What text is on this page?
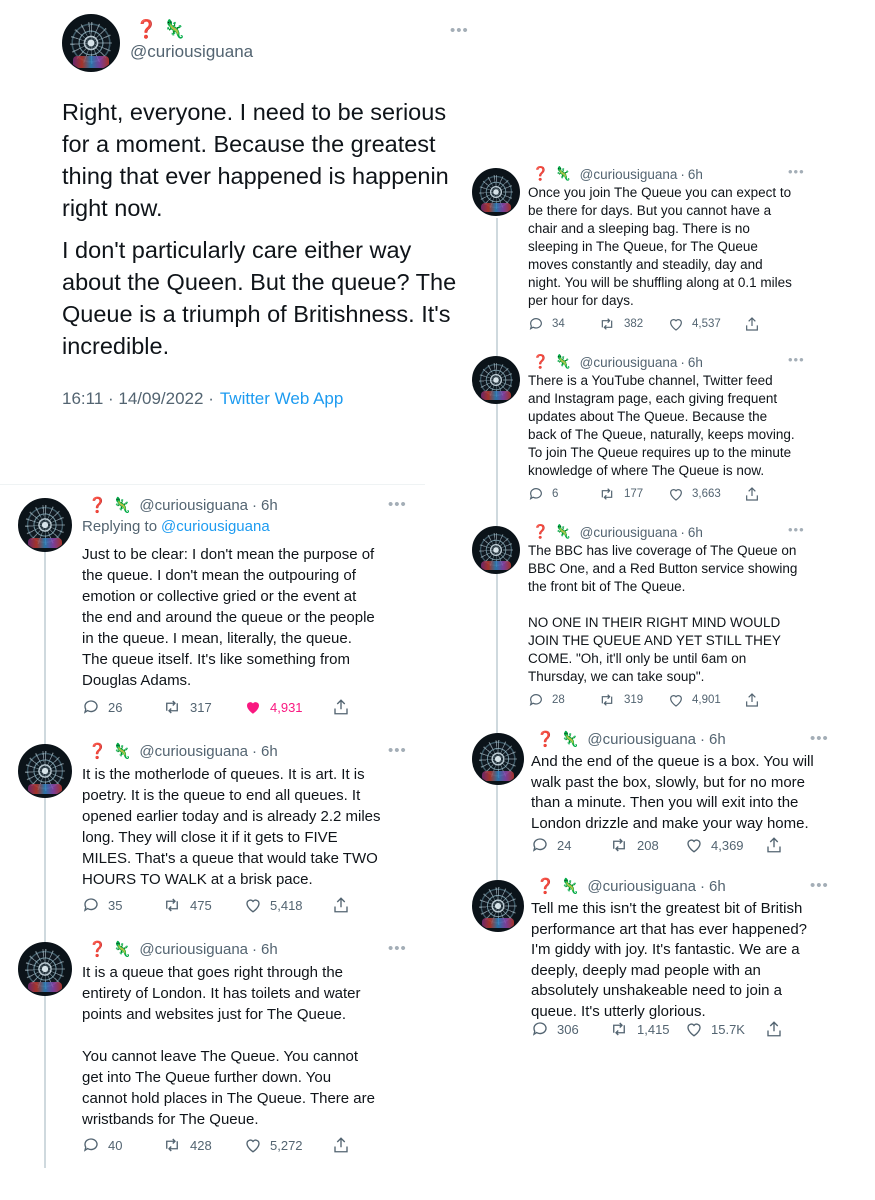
❓ 🦎
@curiousiguana
•••
Right, everyone. I need to be serious
for a moment. Because the greatest
thing that ever happened is happenin
right now.
I don't particularly care either way
about the Queen. But the queue? The
Queue is a triumph of Britishness. It's
incredible.
16:11 · 14/09/2022 · Twitter Web App
❓ 🦎 @curiousiguana · 6h	•••
Replying to @curiousiguana
Just to be clear: I don't mean the purpose of
the queue. I don't mean the outpouring of
emotion or collective gried or the event at
the end and around the queue or the people
in the queue. I mean, literally, the queue.
The queue itself. It's like something from
Douglas Adams.
26	317	4,931
❓ 🦎 @curiousiguana · 6h	•••
It is the motherlode of queues. It is art. It is
poetry. It is the queue to end all queues. It
opened earlier today and is already 2.2 miles
long. They will close it if it gets to FIVE
MILES. That's a queue that would take TWO
HOURS TO WALK at a brisk pace.
35	475	5,418
❓ 🦎 @curiousiguana · 6h	•••
It is a queue that goes right through the
entirety of London. It has toilets and water
points and websites just for The Queue.

You cannot leave The Queue. You cannot
get into The Queue further down. You
cannot hold places in The Queue. There are
wristbands for The Queue.
40	428	5,272
❓ 🦎 @curiousiguana · 6h	•••
Once you join The Queue you can expect to
be there for days. But you cannot have a
chair and a sleeping bag. There is no
sleeping in The Queue, for The Queue
moves constantly and steadily, day and
night. You will be shuffling along at 0.1 miles
per hour for days.
34	382	4,537
❓ 🦎 @curiousiguana · 6h	•••
There is a YouTube channel, Twitter feed
and Instagram page, each giving frequent
updates about The Queue. Because the
back of The Queue, naturally, keeps moving.
To join The Queue requires up to the minute
knowledge of where The Queue is now.
6	177	3,663
❓ 🦎 @curiousiguana · 6h	•••
The BBC has live coverage of The Queue on
BBC One, and a Red Button service showing
the front bit of The Queue.

NO ONE IN THEIR RIGHT MIND WOULD
JOIN THE QUEUE AND YET STILL THEY
COME. "Oh, it'll only be until 6am on
Thursday, we can take soup".
28	319	4,901
❓ 🦎 @curiousiguana · 6h	•••
And the end of the queue is a box. You will
walk past the box, slowly, but for no more
than a minute. Then you will exit into the
London drizzle and make your way home.
24	208	4,369
❓ 🦎 @curiousiguana · 6h	•••
Tell me this isn't the greatest bit of British
performance art that has ever happened?
I'm giddy with joy. It's fantastic. We are a
deeply, deeply mad people with an
absolutely unshakeable need to join a
queue. It's utterly glorious.
306	1,415	15.7K
